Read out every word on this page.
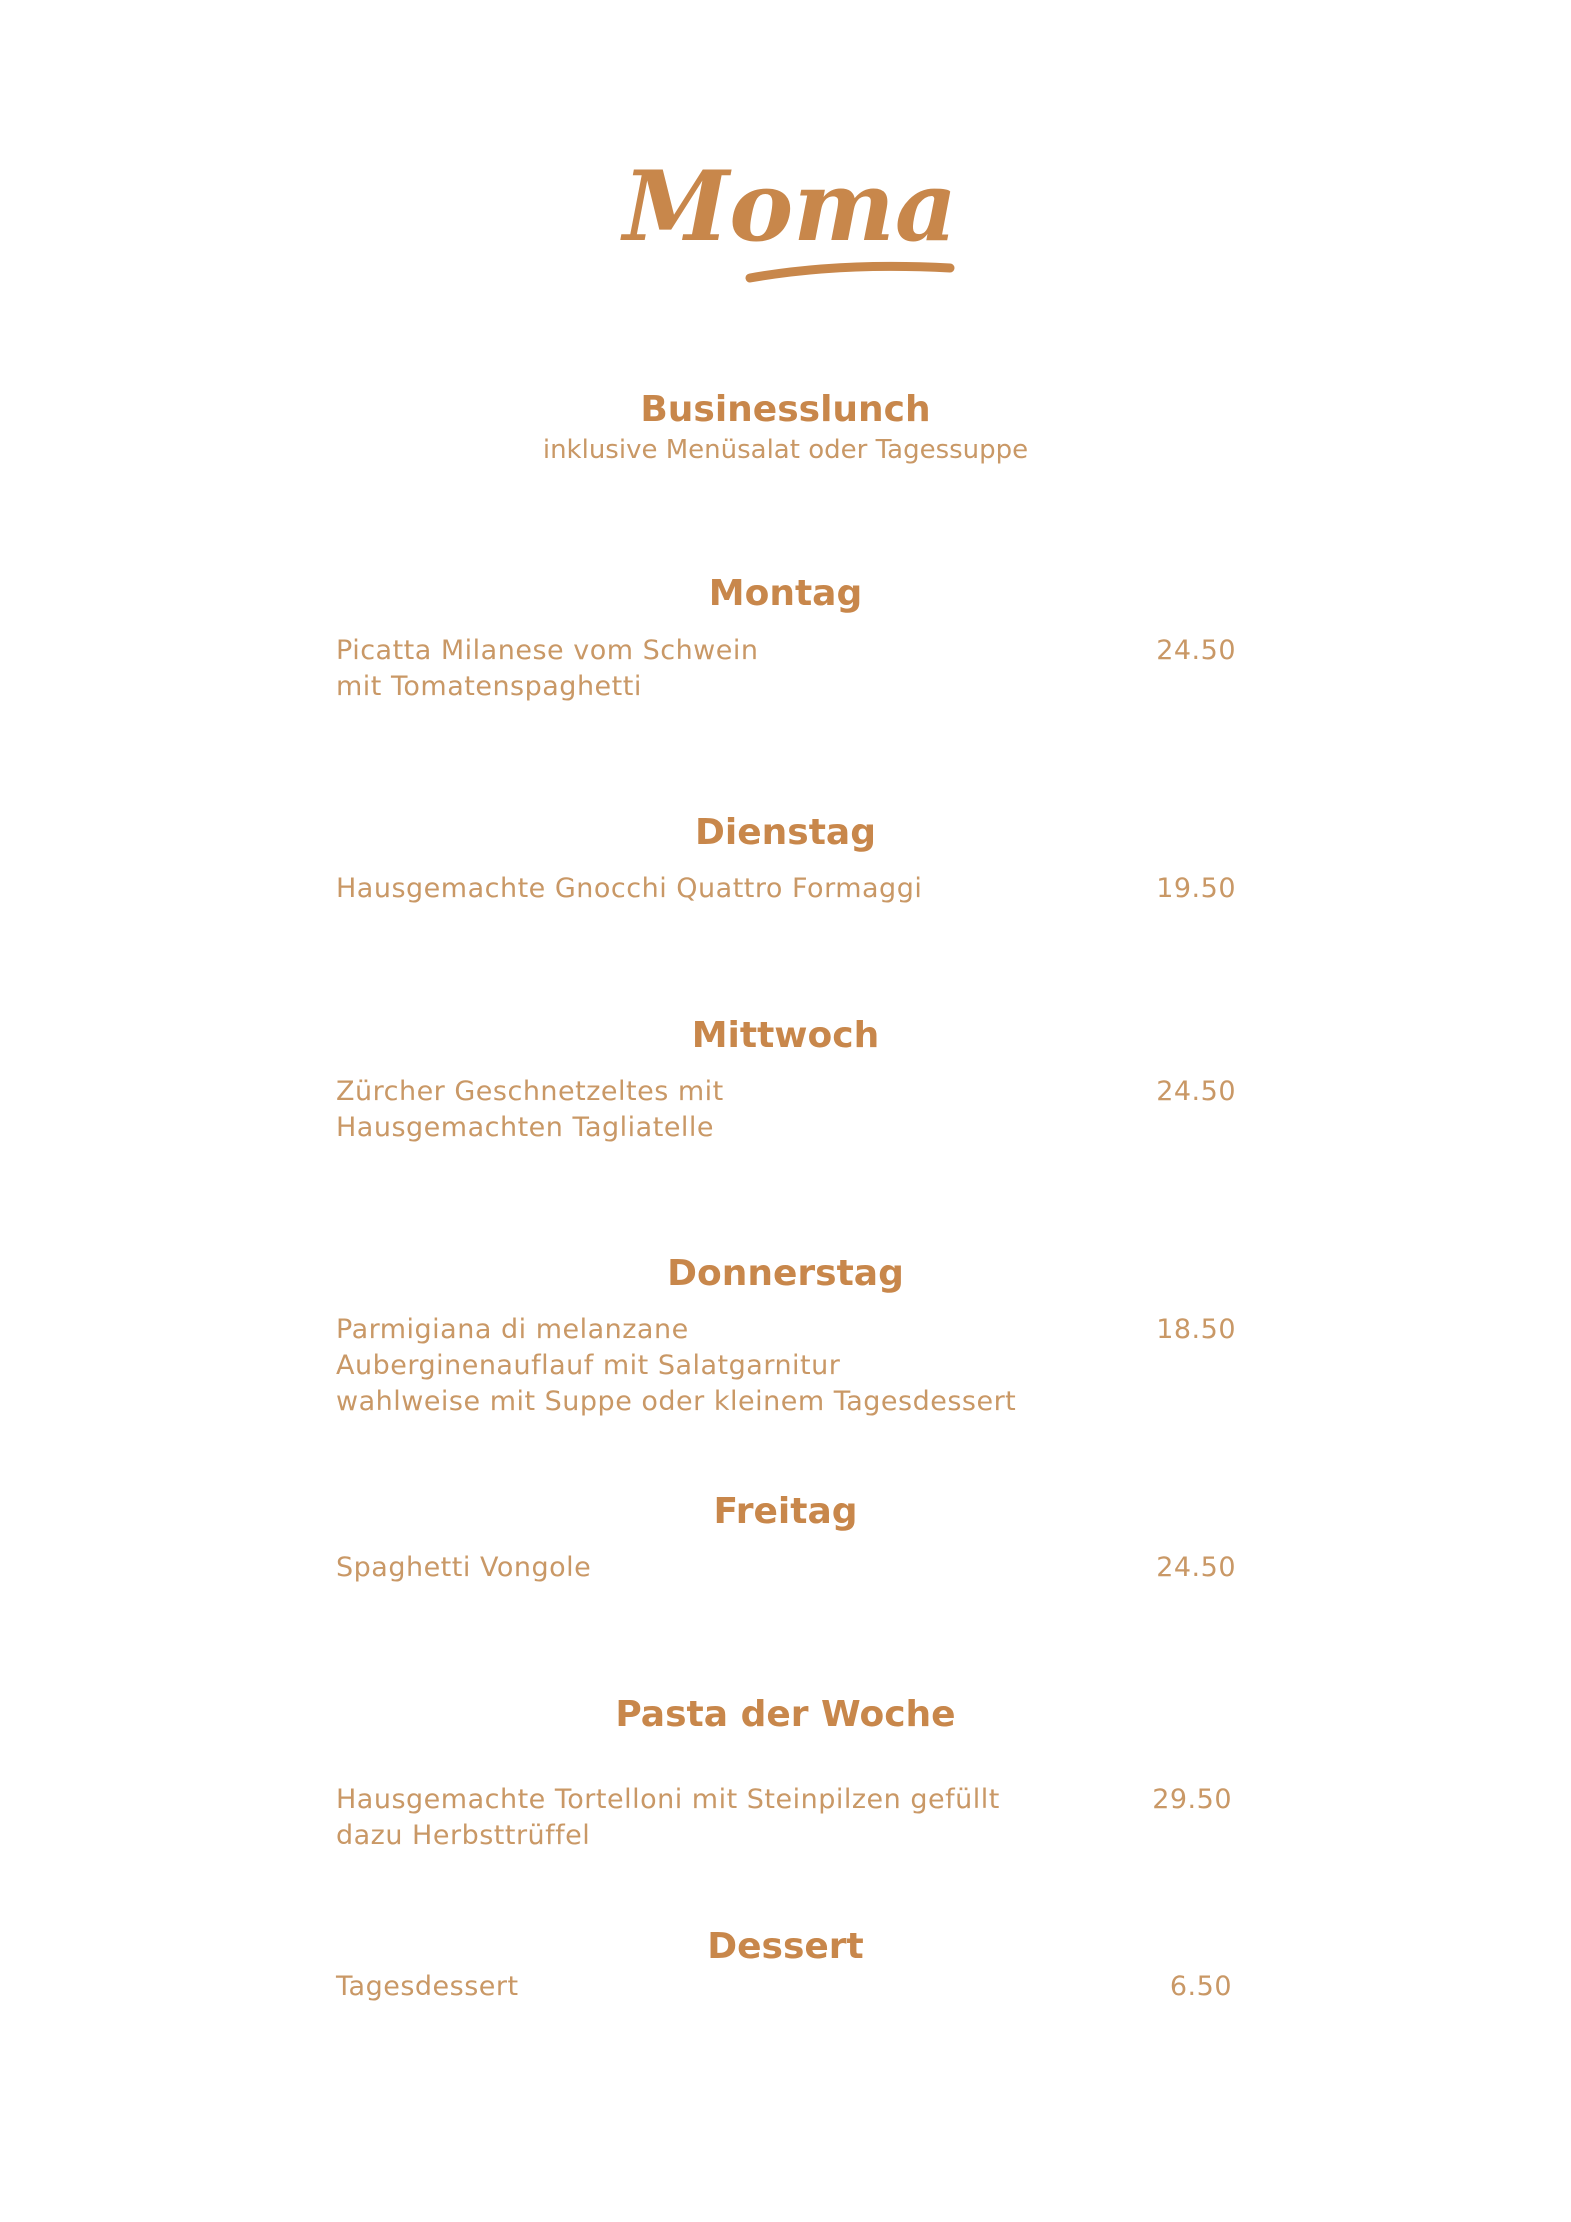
Moma
Businesslunch

inklusive Menüsalat oder Tagessuppe

Montag
Picatta Milanese vom Schwein
mit Tomatenspaghetti
24.50
Dienstag
Hausgemachte Gnocchi Quattro Formaggi	19.50
Mittwoch
Zürcher Geschnetzeltes mit
Hausgemachten Tagliatelle
24.50
Donnerstag
Parmigiana di melanzane
Auberginenauflauf mit Salatgarnitur
wahlweise mit Suppe oder kleinem Tagesdessert
18.50
Freitag
Spaghetti Vongole	24.50
Pasta der Woche
Hausgemachte Tortelloni mit Steinpilzen gefüllt
dazu Herbsttrüffel
29.50
Dessert
Tagesdessert	6.50
